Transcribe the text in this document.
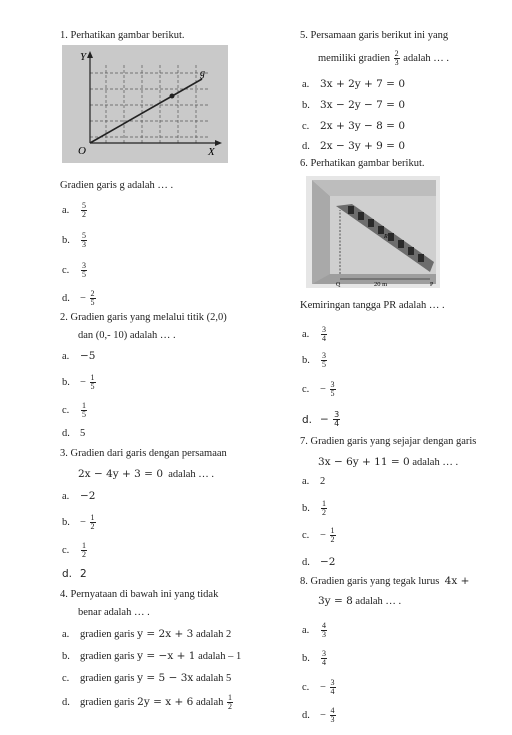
1. Perhatikan gambar berikut.
Y
X
O
g
Gradien garis g adalah … .
a. $\frac{5}{2}$
b. $\frac{5}{3}$
c. $\frac{3}{5}$
d. − $\frac{2}{5}$
2. Gradien garis yang melalui titik (2,0)
dan (0,- 10) adalah … .
a. −5
b. − $\frac{1}{5}$
c. $\frac{1}{5}$
d. 5
3. Gradien dari garis dengan persamaan
2x − 4y + 3 = 0 adalah … .
a. −2
b. − $\frac{1}{2}$
c. $\frac{1}{2}$
d. 2
4. Pernyataan di bawah ini yang tidak
benar adalah … .
a. gradien garis y = 2x + 3 adalah 2
b. gradien garis y = −x + 1 adalah – 1
c. gradien garis y = 5 − 3x adalah 5
d. gradien garis 2y = x + 6 adalah $\frac{1}{2}$
5. Persamaan garis berikut ini yang
memiliki gradien $\frac{2}{3}$ adalah … .
a. 3x + 2y + 7 = 0
b. 3x − 2y − 7 = 0
c. 2x + 3y − 8 = 0
d. 2x − 3y + 9 = 0
6. Perhatikan gambar berikut.
20 m
Q
R
P
Kemiringan tangga PR adalah … .
a. $\frac{3}{4}$
b. $\frac{3}{5}$
c. − $\frac{3}{5}$
d. − $\frac{3}{4}$
7. Gradien garis yang sejajar dengan garis
3x − 6y + 11 = 0 adalah … .
a. 2
b. $\frac{1}{2}$
c. − $\frac{1}{2}$
d. −2
8. Gradien garis yang tegak lurus 4x +
3y = 8 adalah … .
a. $\frac{4}{3}$
b. $\frac{3}{4}$
c. − $\frac{3}{4}$
d. − $\frac{4}{3}$
